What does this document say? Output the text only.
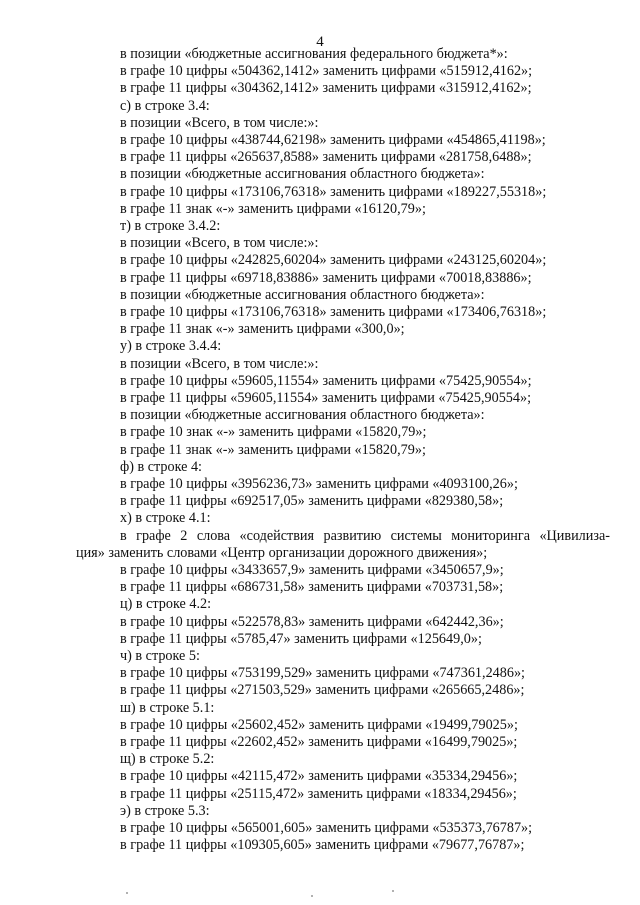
4
в позиции «бюджетные ассигнования федерального бюджета*»:
в графе 10 цифры «504362,1412» заменить цифрами «515912,4162»;
в графе 11 цифры «304362,1412» заменить цифрами «315912,4162»;
с) в строке 3.4:
в позиции «Всего, в том числе:»:
в графе 10 цифры «438744,62198» заменить цифрами «454865,41198»;
в графе 11 цифры «265637,8588» заменить цифрами «281758,6488»;
в позиции «бюджетные ассигнования областного бюджета»:
в графе 10 цифры «173106,76318» заменить цифрами «189227,55318»;
в графе 11 знак «-» заменить цифрами «16120,79»;
т) в строке 3.4.2:
в позиции «Всего, в том числе:»:
в графе 10 цифры «242825,60204» заменить цифрами «243125,60204»;
в графе 11 цифры «69718,83886» заменить цифрами «70018,83886»;
в позиции «бюджетные ассигнования областного бюджета»:
в графе 10 цифры «173106,76318» заменить цифрами «173406,76318»;
в графе 11 знак «-» заменить цифрами «300,0»;
у) в строке 3.4.4:
в позиции «Всего, в том числе:»:
в графе 10 цифры «59605,11554» заменить цифрами «75425,90554»;
в графе 11 цифры «59605,11554» заменить цифрами «75425,90554»;
в позиции «бюджетные ассигнования областного бюджета»:
в графе 10 знак «-» заменить цифрами «15820,79»;
в графе 11 знак «-» заменить цифрами «15820,79»;
ф) в строке 4:
в графе 10 цифры «3956236,73» заменить цифрами «4093100,26»;
в графе 11 цифры «692517,05» заменить цифрами «829380,58»;
х) в строке 4.1:
в графе 2 слова «содействия развитию системы мониторинга «Цивилиза-
ция» заменить словами «Центр организации дорожного движения»;
в графе 10 цифры «3433657,9» заменить цифрами «3450657,9»;
в графе 11 цифры «686731,58» заменить цифрами «703731,58»;
ц) в строке 4.2:
в графе 10 цифры «522578,83» заменить цифрами «642442,36»;
в графе 11 цифры «5785,47» заменить цифрами «125649,0»;
ч) в строке 5:
в графе 10 цифры «753199,529» заменить цифрами «747361,2486»;
в графе 11 цифры «271503,529» заменить цифрами «265665,2486»;
ш) в строке 5.1:
в графе 10 цифры «25602,452» заменить цифрами «19499,79025»;
в графе 11 цифры «22602,452» заменить цифрами «16499,79025»;
щ) в строке 5.2:
в графе 10 цифры «42115,472» заменить цифрами «35334,29456»;
в графе 11 цифры «25115,472» заменить цифрами «18334,29456»;
э) в строке 5.3:
в графе 10 цифры «565001,605» заменить цифрами «535373,76787»;
в графе 11 цифры «109305,605» заменить цифрами «79677,76787»;
